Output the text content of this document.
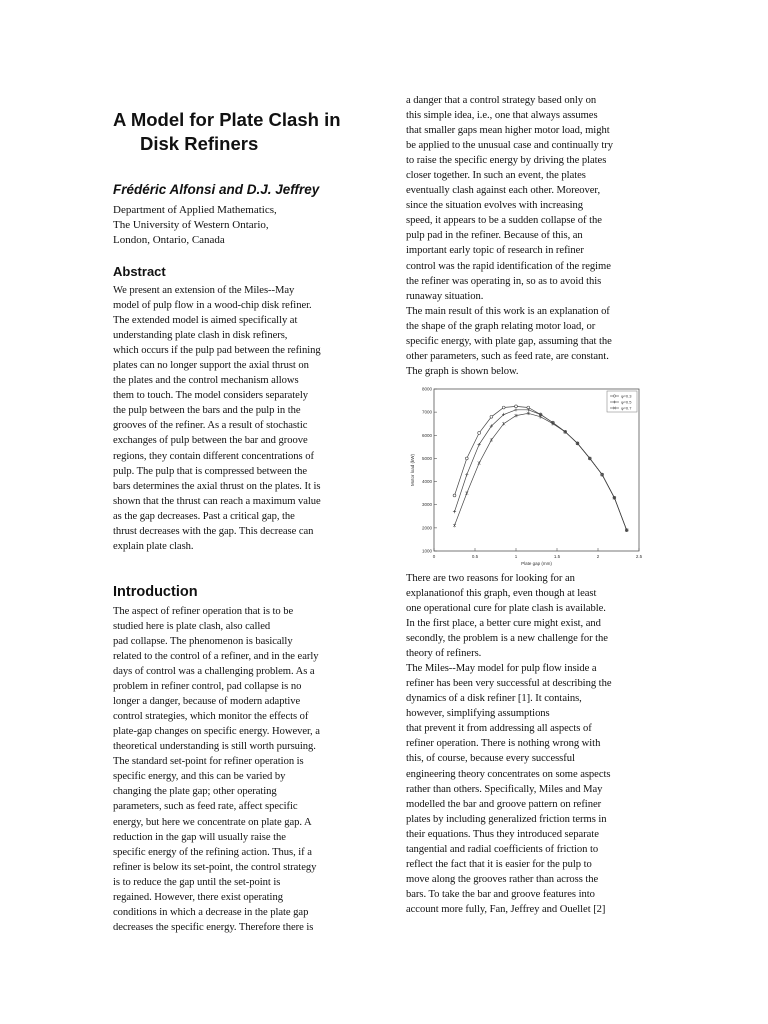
A Model for Plate Clash in
Disk Refiners
Frédéric Alfonsi and D.J. Jeffrey
Department of Applied Mathematics,
The University of Western Ontario,
London, Ontario, Canada
Abstract

We present an extension of the Miles--May
model of pulp flow in a wood-chip disk refiner.
The extended model is aimed specifically at
understanding plate clash in disk refiners,
which occurs if the pulp pad between the refining
plates can no longer support the axial thrust on
the plates and the control mechanism allows
them to touch. The model considers separately
the pulp between the bars and the pulp in the
grooves of the refiner. As a result of stochastic
exchanges of pulp between the bar and groove
regions, they contain different concentrations of
pulp. The pulp that is compressed between the
bars determines the axial thrust on the plates. It is
shown that the thrust can reach a maximum value
as the gap decreases. Past a critical gap, the
thrust decreases with the gap. This decrease can
explain plate clash.

Introduction

The aspect of refiner operation that is to be
studied here is plate clash, also called
pad collapse. The phenomenon is basically
related to the control of a refiner, and in the early
days of control was a challenging problem. As a
problem in refiner control, pad collapse is no
longer a danger, because of modern adaptive
control strategies, which monitor the effects of
plate-gap changes on specific energy. However, a
theoretical understanding is still worth pursuing.
The standard set-point for refiner operation is
specific energy, and this can be varied by
changing the plate gap; other operating
parameters, such as feed rate, affect specific
energy, but here we concentrate on plate gap. A
reduction in the gap will usually raise the
specific energy of the refining action. Thus, if a
refiner is below its set-point, the control strategy
is to reduce the gap until the set-point is
regained. However, there exist operating
conditions in which a decrease in the plate gap
decreases the specific energy. Therefore there is

a danger that a control strategy based only on
this simple idea, i.e., one that always assumes
that smaller gaps mean higher motor load, might
be applied to the unusual case and continually try
to raise the specific energy by driving the plates
closer together. In such an event, the plates
eventually clash against each other. Moreover,
since the situation evolves with increasing
speed, it appears to be a sudden collapse of the
pulp pad in the refiner. Because of this, an
important early topic of research in refiner
control was the rapid identification of the regime
the refiner was operating in, so as to avoid this
runaway situation.
The main result of this work is an explanation of
the shape of the graph relating motor load, or
specific energy, with plate gap, assuming that the
other parameters, such as feed rate, are constant.
The graph is shown below.

0	0.5	1	1.5	2	2.5
1000
2000
3000
4000
5000
6000
7000
8000
Plate gap (mm)
Motor load (kW)
φ=0.3
φ=0.5
φ=0.7

There are two reasons for looking for an
explanationof this graph, even though at least
one operational cure for plate clash is available.
In the first place, a better cure might exist, and
secondly, the problem is a new challenge for the
theory of refiners.
The Miles--May model for pulp flow inside a
refiner has been very successful at describing the
dynamics of a disk refiner [1]. It contains,
however, simplifying assumptions
that prevent it from addressing all aspects of
refiner operation. There is nothing wrong with
this, of course, because every successful
engineering theory concentrates on some aspects
rather than others. Specifically, Miles and May
modelled the bar and groove pattern on refiner
plates by including generalized friction terms in
their equations. Thus they introduced separate
tangential and radial coefficients of friction to
reflect the fact that it is easier for the pulp to
move along the grooves rather than across the
bars. To take the bar and groove features into
account more fully, Fan, Jeffrey and Ouellet [2]
